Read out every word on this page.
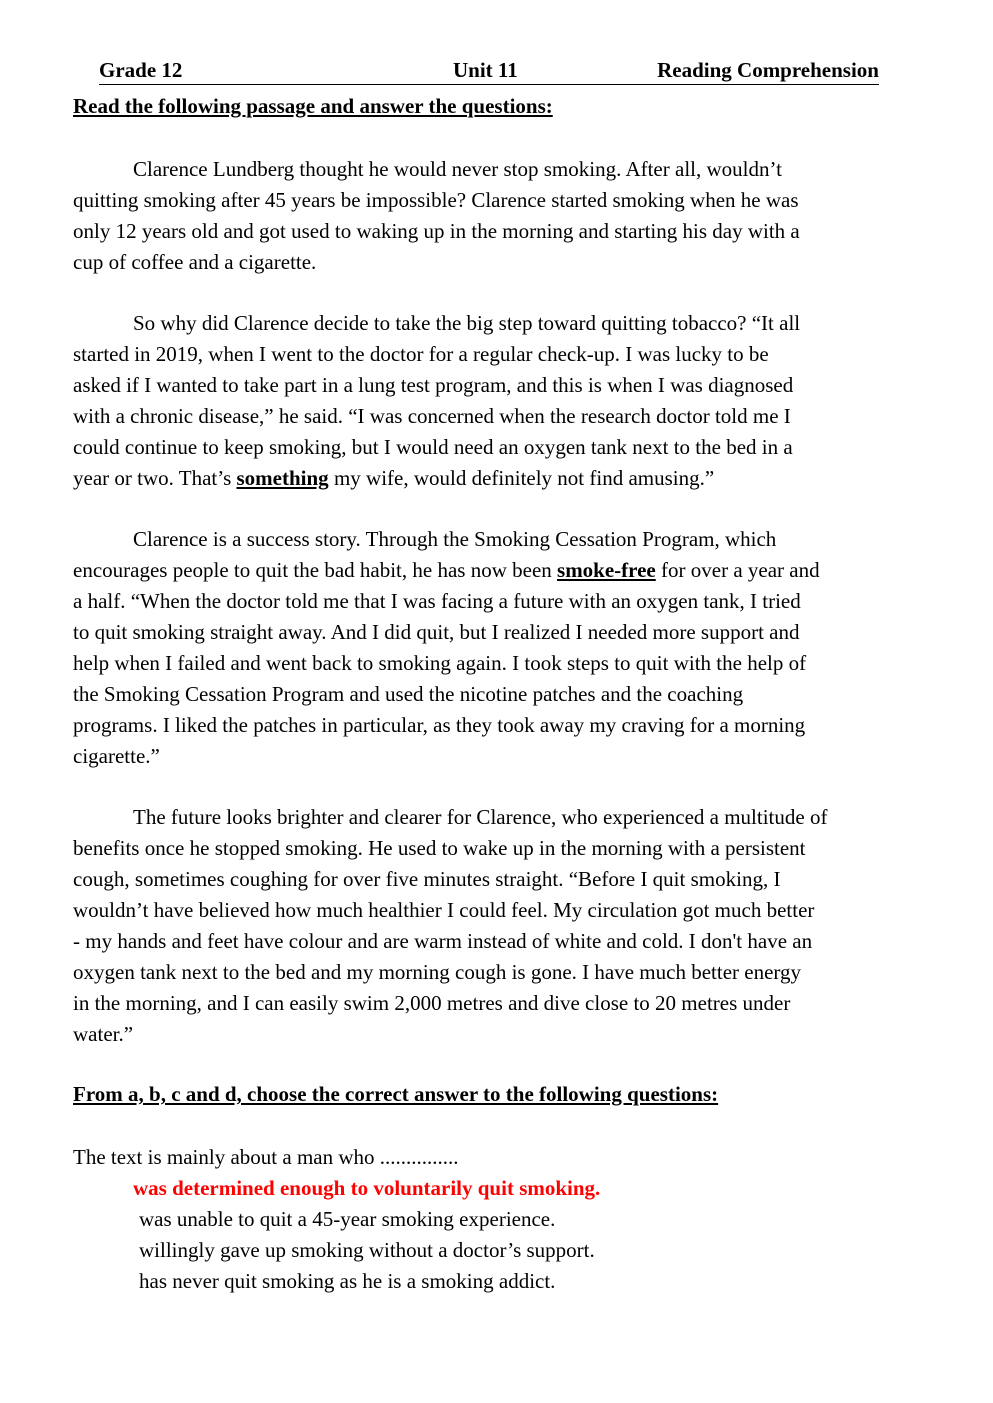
Grade 12	Unit 11	Reading Comprehension
Read the following passage and answer the questions:
Clarence Lundberg thought he would never stop smoking. After all, wouldn’t
quitting smoking after 45 years be impossible? Clarence started smoking when he was
only 12 years old and got used to waking up in the morning and starting his day with a
cup of coffee and a cigarette.
So why did Clarence decide to take the big step toward quitting tobacco? “It all
started in 2019, when I went to the doctor for a regular check-up. I was lucky to be
asked if I wanted to take part in a lung test program, and this is when I was diagnosed
with a chronic disease,” he said. “I was concerned when the research doctor told me I
could continue to keep smoking, but I would need an oxygen tank next to the bed in a
year or two. That’s something my wife, would definitely not find amusing.”
Clarence is a success story. Through the Smoking Cessation Program, which
encourages people to quit the bad habit, he has now been smoke-free for over a year and
a half. “When the doctor told me that I was facing a future with an oxygen tank, I tried
to quit smoking straight away. And I did quit, but I realized I needed more support and
help when I failed and went back to smoking again. I took steps to quit with the help of
the Smoking Cessation Program and used the nicotine patches and the coaching
programs. I liked the patches in particular, as they took away my craving for a morning
cigarette.”
The future looks brighter and clearer for Clarence, who experienced a multitude of
benefits once he stopped smoking. He used to wake up in the morning with a persistent
cough, sometimes coughing for over five minutes straight. “Before I quit smoking, I
wouldn’t have believed how much healthier I could feel. My circulation got much better
- my hands and feet have colour and are warm instead of white and cold. I don't have an
oxygen tank next to the bed and my morning cough is gone. I have much better energy
in the morning, and I can easily swim 2,000 metres and dive close to 20 metres under
water.”
From a, b, c and d, choose the correct answer to the following questions:
The text is mainly about a man who ...............
was determined enough to voluntarily quit smoking.
was unable to quit a 45-year smoking experience.
willingly gave up smoking without a doctor’s support.
has never quit smoking as he is a smoking addict.
